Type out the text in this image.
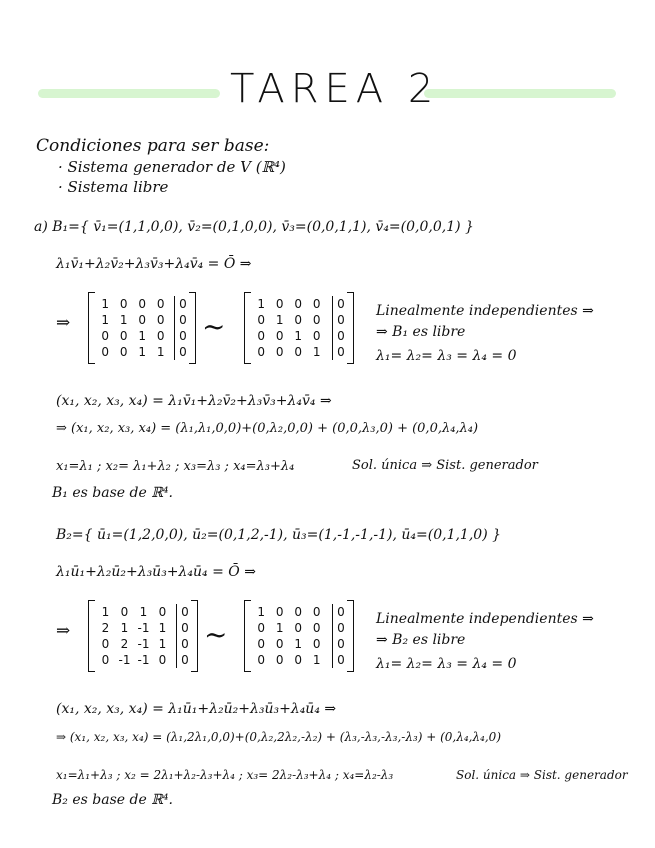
TAREA 2
Condiciones para ser base:
· Sistema generador de V (ℝ⁴)
· Sistema libre
a) B₁={ v̄₁=(1,1,0,0), v̄₂=(0,1,0,0), v̄₃=(0,0,1,1), v̄₄=(0,0,0,1) }
λ₁v̄₁+λ₂v̄₂+λ₃v̄₃+λ₄v̄₄ = Ō ⇒
⇒
1 0 0 0
1 1 0 0
0 0 1 0
0 0 1 1
0
0
0
0
~
1 0 0 0
0 1 0 0
0 0 1 0
0 0 0 1
0
0
0
0
Linealmente independientes ⇒
⇒ B₁ es libre
λ₁= λ₂= λ₃ = λ₄ = 0
(x₁, x₂, x₃, x₄) = λ₁v̄₁+λ₂v̄₂+λ₃v̄₃+λ₄v̄₄ ⇒
⇒ (x₁, x₂, x₃, x₄) = (λ₁,λ₁,0,0)+(0,λ₂,0,0) + (0,0,λ₃,0) + (0,0,λ₄,λ₄)
x₁=λ₁ ; x₂= λ₁+λ₂ ; x₃=λ₃ ; x₄=λ₃+λ₄	Sol. única ⇒ Sist. generador
B₁ es base de ℝ⁴.
B₂={ ū₁=(1,2,0,0), ū₂=(0,1,2,-1), ū₃=(1,-1,-1,-1), ū₄=(0,1,1,0) }
λ₁ū₁+λ₂ū₂+λ₃ū₃+λ₄ū₄ = Ō ⇒
⇒
1 0 1 0
2 1 -1 1
0 2 -1 1
0 -1 -1 0
0
0
0
0
~
1 0 0 0
0 1 0 0
0 0 1 0
0 0 0 1
0
0
0
0
Linealmente independientes ⇒
⇒ B₂ es libre
λ₁= λ₂= λ₃ = λ₄ = 0
(x₁, x₂, x₃, x₄) = λ₁ū₁+λ₂ū₂+λ₃ū₃+λ₄ū₄ ⇒
⇒ (x₁, x₂, x₃, x₄) = (λ₁,2λ₁,0,0)+(0,λ₂,2λ₂,-λ₂) + (λ₃,-λ₃,-λ₃,-λ₃) + (0,λ₄,λ₄,0)
x₁=λ₁+λ₃ ; x₂ = 2λ₁+λ₂-λ₃+λ₄ ; x₃= 2λ₂-λ₃+λ₄ ; x₄=λ₂-λ₃	Sol. única ⇒ Sist. generador
B₂ es base de ℝ⁴.
